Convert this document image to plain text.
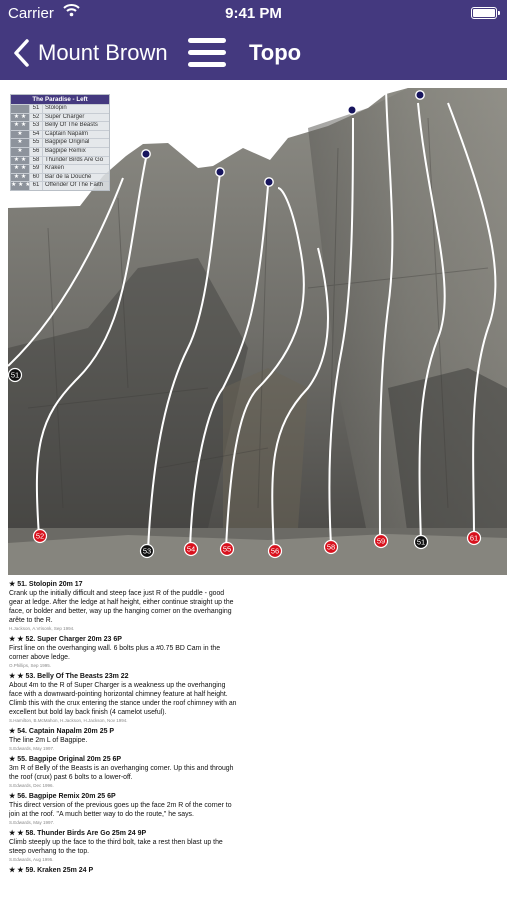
Carrier	9:41 PM
Mount Brown	Topo
51
52
53	54	55	56	58
59	51	61
The Paradise - Left
51 Stolopin
★ ★	52 Super Charger
★ ★	53 Belly Of The Beasts
★	54 Captain Napalm
★	55 Bagpipe Original
★	56 Bagpipe Remix
★ ★	58 Thunder Birds Are Go
★ ★	59 Kraken
★ ★	60 Bar de la Douche
★ ★ ★ 61 Offender Of The Faith
★ 51. Stolopin 20m 17
Crank up the initially difficult and steep face just R of the puddle - good gear at ledge. After the ledge at half height, either continue straight up the face, or bolder and better, way up the hanging corner on the overhanging arête to the R.
H.Jackson, A.Vrisonk, Sep 1994.
★ ★ 52. Super Charger 20m 23 6P
First line on the overhanging wall. 6 bolts plus a #0.75 BD Cam in the corner above ledge.
O.Phillips, Sep 1995.
★ ★ 53. Belly Of The Beasts 23m 22
About 4m to the R of Super Charger is a weakness up the overhanging face with a downward-pointing horizontal chimney feature at half height. Climb this with the crux entering the stance under the roof chimney with an excellent but bold lay back finish (4 camelot useful).
S.Hamilton, B.McMahon, H.Jackson, H.Jackson, Nov 1994.
★ 54. Captain Napalm 20m 25 P
The line 2m L of Bagpipe.
S.Edwards, May 1997.
★ 55. Bagpipe Original 20m 25 6P
3m R of Belly of the Beasts is an overhanging corner. Up this and through the roof (crux) past 6 bolts to a lower-off.
S.Edwards, Dec 1996.
★ 56. Bagpipe Remix 20m 25 6P
This direct version of the previous goes up the face 2m R of the corner to join at the roof. "A much better way to do the route," he says.
S.Edwards, May 1997.
★ ★ 58. Thunder Birds Are Go 25m 24 9P
Climb steeply up the face to the third bolt, take a rest then blast up the steep overhang to the top.
S.Edwards, Aug 1995.
★ ★ 59. Kraken 25m 24 P
